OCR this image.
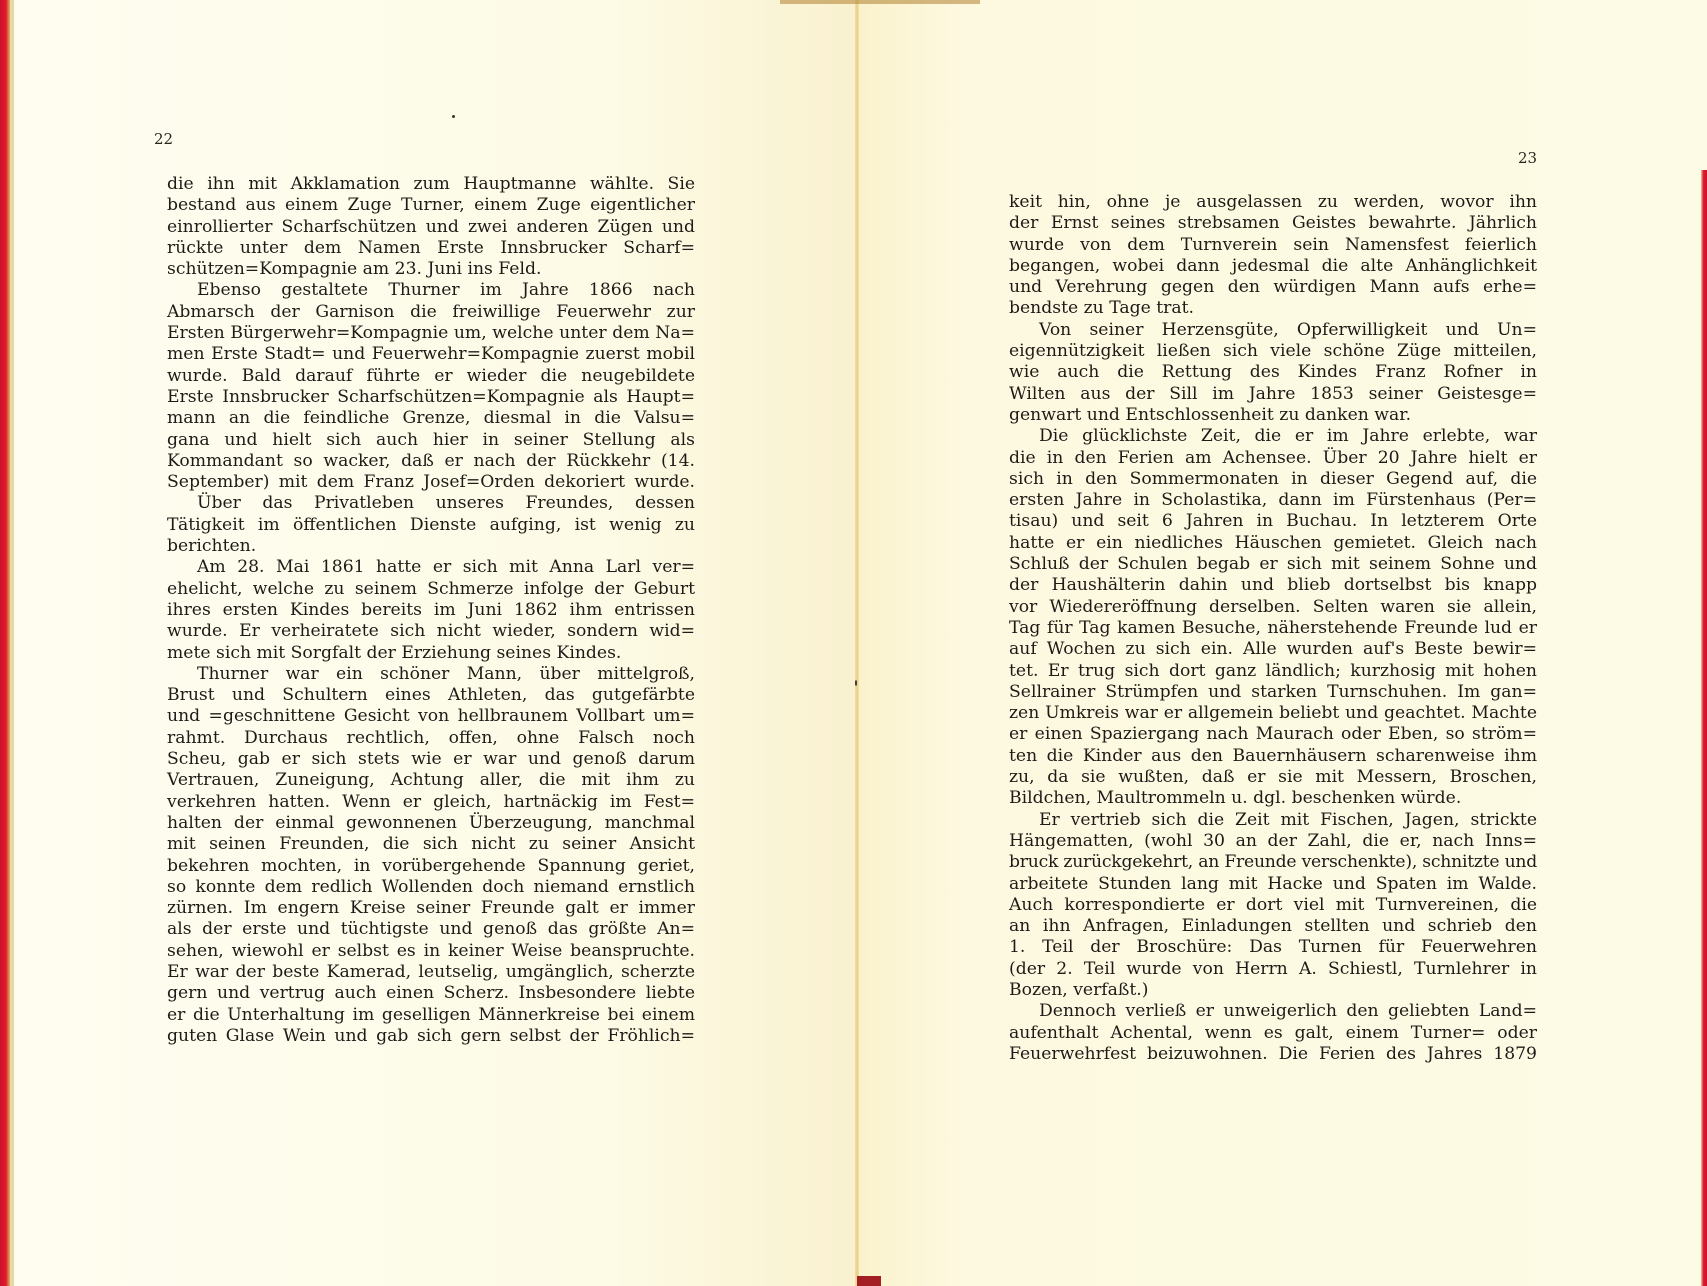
22
23
die ihn mit Akklamation zum Hauptmanne wählte. Sie
bestand aus einem Zuge Turner, einem Zuge eigentlicher
einrollierter Scharfschützen und zwei anderen Zügen und
rückte unter dem Namen Erste Innsbrucker Scharf=
schützen=Kompagnie am 23. Juni ins Feld.
Ebenso gestaltete Thurner im Jahre 1866 nach
Abmarsch der Garnison die freiwillige Feuerwehr zur
Ersten Bürgerwehr=Kompagnie um, welche unter dem Na=
men Erste Stadt= und Feuerwehr=Kompagnie zuerst mobil
wurde. Bald darauf führte er wieder die neugebildete
Erste Innsbrucker Scharfschützen=Kompagnie als Haupt=
mann an die feindliche Grenze, diesmal in die Valsu=
gana und hielt sich auch hier in seiner Stellung als
Kommandant so wacker, daß er nach der Rückkehr (14.
September) mit dem Franz Josef=Orden dekoriert wurde.
Über das Privatleben unseres Freundes, dessen
Tätigkeit im öffentlichen Dienste aufging, ist wenig zu
berichten.
Am 28. Mai 1861 hatte er sich mit Anna Larl ver=
ehelicht, welche zu seinem Schmerze infolge der Geburt
ihres ersten Kindes bereits im Juni 1862 ihm entrissen
wurde. Er verheiratete sich nicht wieder, sondern wid=
mete sich mit Sorgfalt der Erziehung seines Kindes.
Thurner war ein schöner Mann, über mittelgroß,
Brust und Schultern eines Athleten, das gutgefärbte
und =geschnittene Gesicht von hellbraunem Vollbart um=
rahmt. Durchaus rechtlich, offen, ohne Falsch noch
Scheu, gab er sich stets wie er war und genoß darum
Vertrauen, Zuneigung, Achtung aller, die mit ihm zu
verkehren hatten. Wenn er gleich, hartnäckig im Fest=
halten der einmal gewonnenen Überzeugung, manchmal
mit seinen Freunden, die sich nicht zu seiner Ansicht
bekehren mochten, in vorübergehende Spannung geriet,
so konnte dem redlich Wollenden doch niemand ernstlich
zürnen. Im engern Kreise seiner Freunde galt er immer
als der erste und tüchtigste und genoß das größte An=
sehen, wiewohl er selbst es in keiner Weise beanspruchte.
Er war der beste Kamerad, leutselig, umgänglich, scherzte
gern und vertrug auch einen Scherz. Insbesondere liebte
er die Unterhaltung im geselligen Männerkreise bei einem
guten Glase Wein und gab sich gern selbst der Fröhlich=
keit hin, ohne je ausgelassen zu werden, wovor ihn
der Ernst seines strebsamen Geistes bewahrte. Jährlich
wurde von dem Turnverein sein Namensfest feierlich
begangen, wobei dann jedesmal die alte Anhänglichkeit
und Verehrung gegen den würdigen Mann aufs erhe=
bendste zu Tage trat.
Von seiner Herzensgüte, Opferwilligkeit und Un=
eigennützigkeit ließen sich viele schöne Züge mitteilen,
wie auch die Rettung des Kindes Franz Rofner in
Wilten aus der Sill im Jahre 1853 seiner Geistesge=
genwart und Entschlossenheit zu danken war.
Die glücklichste Zeit, die er im Jahre erlebte, war
die in den Ferien am Achensee. Über 20 Jahre hielt er
sich in den Sommermonaten in dieser Gegend auf, die
ersten Jahre in Scholastika, dann im Fürstenhaus (Per=
tisau) und seit 6 Jahren in Buchau. In letzterem Orte
hatte er ein niedliches Häuschen gemietet. Gleich nach
Schluß der Schulen begab er sich mit seinem Sohne und
der Haushälterin dahin und blieb dortselbst bis knapp
vor Wiedereröffnung derselben. Selten waren sie allein,
Tag für Tag kamen Besuche, näherstehende Freunde lud er
auf Wochen zu sich ein. Alle wurden auf's Beste bewir=
tet. Er trug sich dort ganz ländlich; kurzhosig mit hohen
Sellrainer Strümpfen und starken Turnschuhen. Im gan=
zen Umkreis war er allgemein beliebt und geachtet. Machte
er einen Spaziergang nach Maurach oder Eben, so ström=
ten die Kinder aus den Bauernhäusern scharenweise ihm
zu, da sie wußten, daß er sie mit Messern, Broschen,
Bildchen, Maultrommeln u. dgl. beschenken würde.
Er vertrieb sich die Zeit mit Fischen, Jagen, strickte
Hängematten, (wohl 30 an der Zahl, die er, nach Inns=
bruck zurückgekehrt, an Freunde verschenkte), schnitzte und
arbeitete Stunden lang mit Hacke und Spaten im Walde.
Auch korrespondierte er dort viel mit Turnvereinen, die
an ihn Anfragen, Einladungen stellten und schrieb den
1. Teil der Broschüre: Das Turnen für Feuerwehren
(der 2. Teil wurde von Herrn A. Schiestl, Turnlehrer in
Bozen, verfaßt.)
Dennoch verließ er unweigerlich den geliebten Land=
aufenthalt Achental, wenn es galt, einem Turner= oder
Feuerwehrfest beizuwohnen. Die Ferien des Jahres 1879
